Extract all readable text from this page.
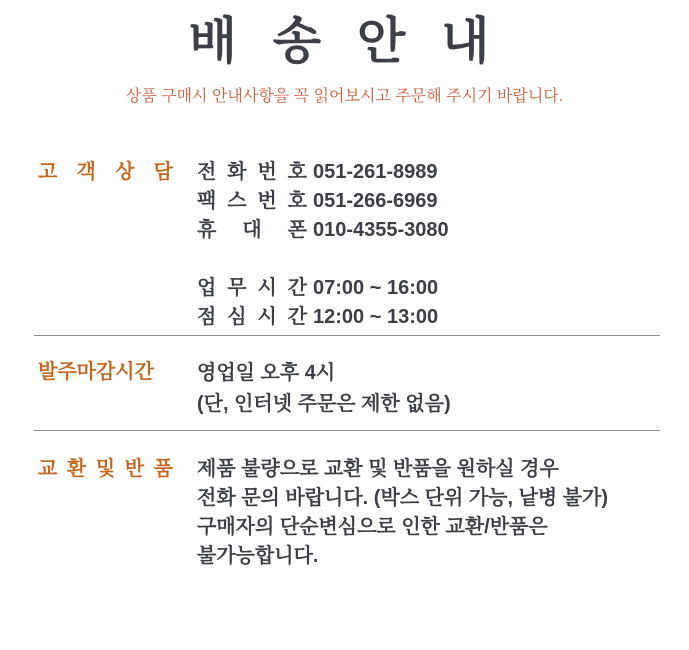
배 송 안 내

상품 구매시 안내사항을 꼭 읽어보시고 주문해 주시기 바랍니다.

고 객 상 담 전 화 번 호 051-261-8989
팩 스 번 호 051-266-6969
휴 대 폰 010-4355-3080
업 무 시 간 07:00 ~ 16:00
점 심 시 간 12:00 ~ 13:00
발주마감시간	영업일 오후 4시
(단, 인터넷 주문은 제한 없음)
교 환 및 반 품 제품 불량으로 교환 및 반품을 원하실 경우
전화 문의 바랍니다. (박스 단위 가능, 낱병 불가)
구매자의 단순변심으로 인한 교환/반품은
불가능합니다.
